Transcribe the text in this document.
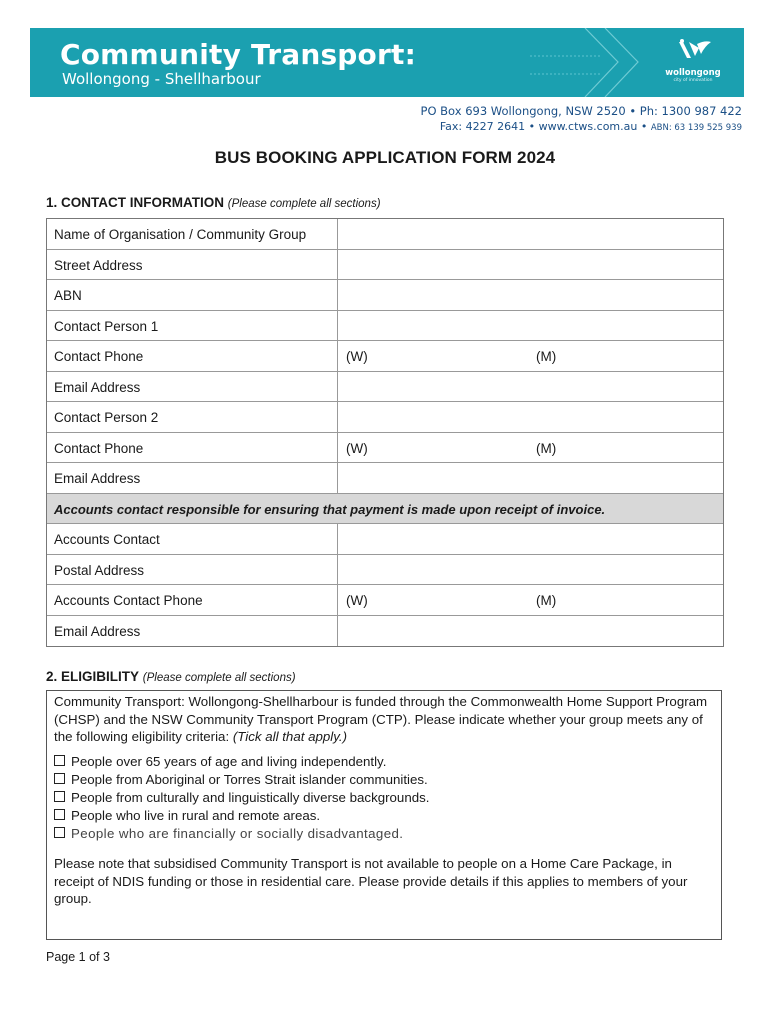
Community Transport:
Wollongong - Shellharbour	wollongong
city of innovation
PO Box 693 Wollongong, NSW 2520 • Ph: 1300 987 422
Fax: 4227 2641 • www.ctws.com.au • ABN: 63 139 525 939
BUS BOOKING APPLICATION FORM 2024
1. CONTACT INFORMATION (Please complete all sections)
Name of Organisation / Community Group
Street Address
ABN
Contact Person 1
Contact Phone	(W)	(M)
Email Address
Contact Person 2
Contact Phone	(W)	(M)
Email Address
Accounts contact responsible for ensuring that payment is made upon receipt of invoice.
Accounts Contact
Postal Address
Accounts Contact Phone	(W)	(M)
Email Address
2. ELIGIBILITY (Please complete all sections)
Community Transport: Wollongong-Shellharbour is funded through the Commonwealth Home Support Program (CHSP) and the NSW Community Transport Program (CTP). Please indicate whether your group meets any of the following eligibility criteria: (Tick all that apply.)
People over 65 years of age and living independently.
People from Aboriginal or Torres Strait islander communities.
People from culturally and linguistically diverse backgrounds.
People who live in rural and remote areas.
People who are financially or socially disadvantaged.
Please note that subsidised Community Transport is not available to people on a Home Care Package, in receipt of NDIS funding or those in residential care. Please provide details if this applies to members of your group.
Page 1 of 3
